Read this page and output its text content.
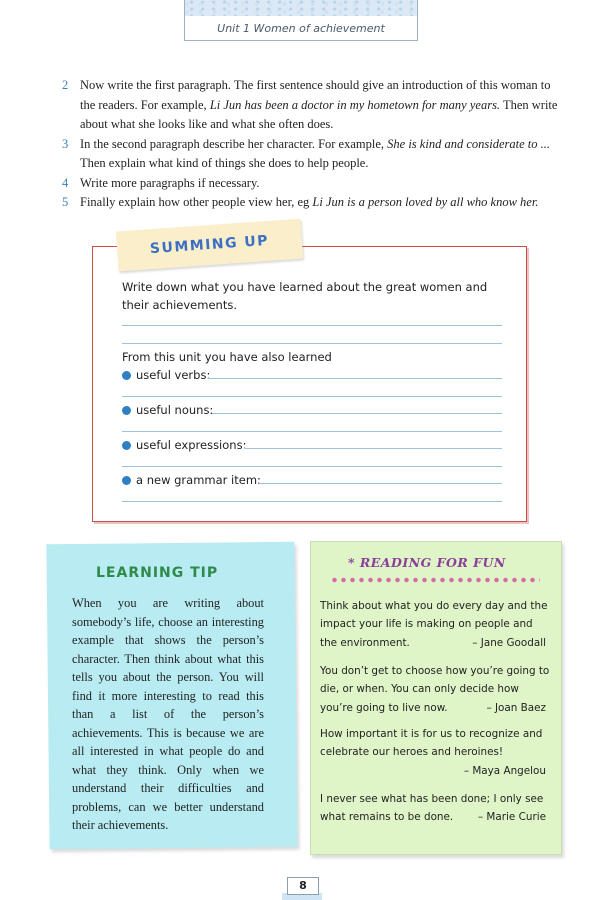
Unit 1 Women of achievement
2 Now write the first paragraph. The first sentence should give an introduction of this woman to the readers. For example, Li Jun has been a doctor in my hometown for many years. Then write about what she looks like and what she often does.
3 In the second paragraph describe her character. For example, She is kind and considerate to ... Then explain what kind of things she does to help people.
4 Write more paragraphs if necessary.
5 Finally explain how other people view her, eg Li Jun is a person loved by all who know her.
SUMMING UP
Write down what you have learned about the great women and their achievements.
From this unit you have also learned
useful verbs:
useful nouns:
useful expressions:
a new grammar item:
LEARNING TIP
When you are writing about somebody’s life, choose an interesting example that shows the person’s character. Then think about what this tells you about the person. You will find it more interesting to read this than a list of the person’s achievements. This is because we are all interested in what people do and what they think. Only when we understand their difficulties and problems, can we better understand their achievements.
* READING FOR FUN
Think about what you do every day and the impact your life is making on people and the environment.	– Jane Goodall
You don’t get to choose how you’re going to die, or when. You can only decide how you’re going to live now.	– Joan Baez
How important it is for us to recognize and celebrate our heroes and heroines!
– Maya Angelou
I never see what has been done; I only see what remains to be done. – Marie Curie
8
